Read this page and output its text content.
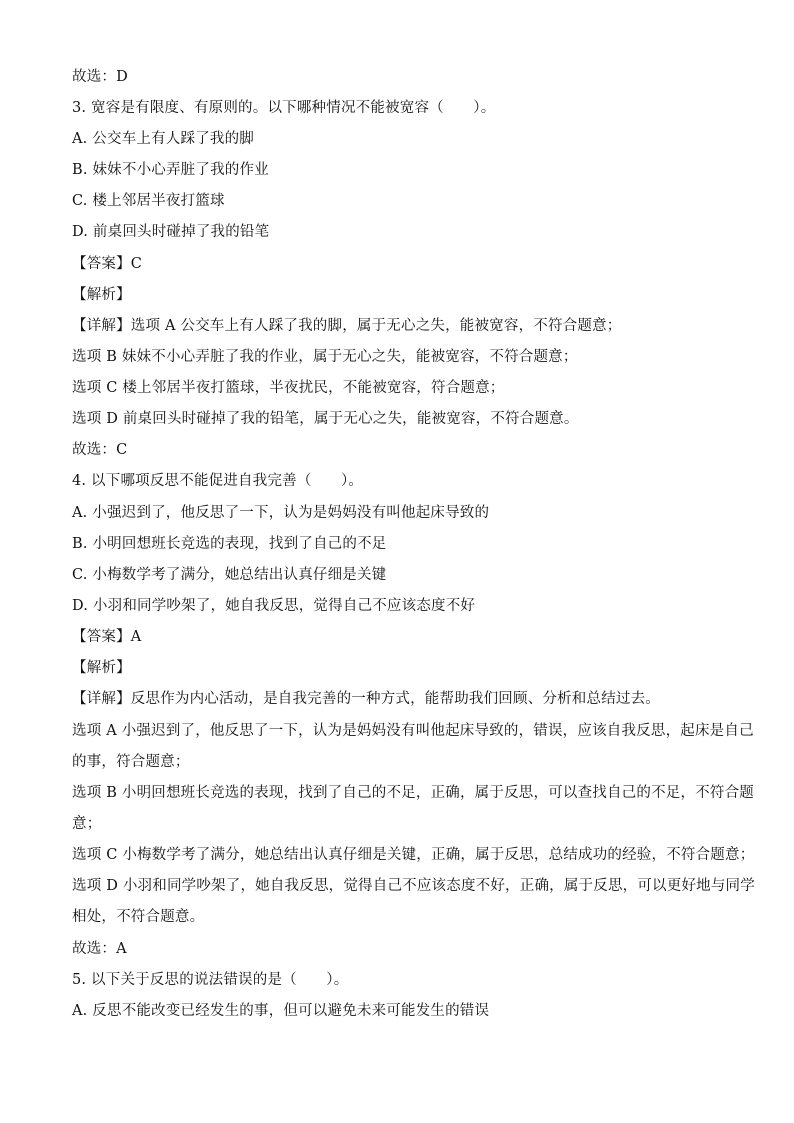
故选：D
3. 宽容是有限度、有原则的。以下哪种情况不能被宽容（　　）。
A. 公交车上有人踩了我的脚
B. 妹妹不小心弄脏了我的作业
C. 楼上邻居半夜打篮球
D. 前桌回头时碰掉了我的铅笔
【答案】C
【解析】
【详解】选项 A 公交车上有人踩了我的脚，属于无心之失，能被宽容，不符合题意；
选项 B 妹妹不小心弄脏了我的作业，属于无心之失，能被宽容，不符合题意；
选项 C 楼上邻居半夜打篮球，半夜扰民，不能被宽容，符合题意；
选项 D 前桌回头时碰掉了我的铅笔，属于无心之失，能被宽容，不符合题意。
故选：C
4. 以下哪项反思不能促进自我完善（　　）。
A. 小强迟到了，他反思了一下，认为是妈妈没有叫他起床导致的
B. 小明回想班长竞选的表现，找到了自己的不足
C. 小梅数学考了满分，她总结出认真仔细是关键
D. 小羽和同学吵架了，她自我反思，觉得自己不应该态度不好
【答案】A
【解析】
【详解】反思作为内心活动，是自我完善的一种方式，能帮助我们回顾、分析和总结过去。
选项 A 小强迟到了，他反思了一下，认为是妈妈没有叫他起床导致的，错误，应该自我反思，起床是自己
的事，符合题意；
选项 B 小明回想班长竞选的表现，找到了自己的不足，正确，属于反思，可以查找自己的不足，不符合题
意；
选项 C 小梅数学考了满分，她总结出认真仔细是关键，正确，属于反思，总结成功的经验，不符合题意；
选项 D 小羽和同学吵架了，她自我反思，觉得自己不应该态度不好，正确，属于反思，可以更好地与同学
相处，不符合题意。
故选：A
5. 以下关于反思的说法错误的是（　　）。
A. 反思不能改变已经发生的事，但可以避免未来可能发生的错误
